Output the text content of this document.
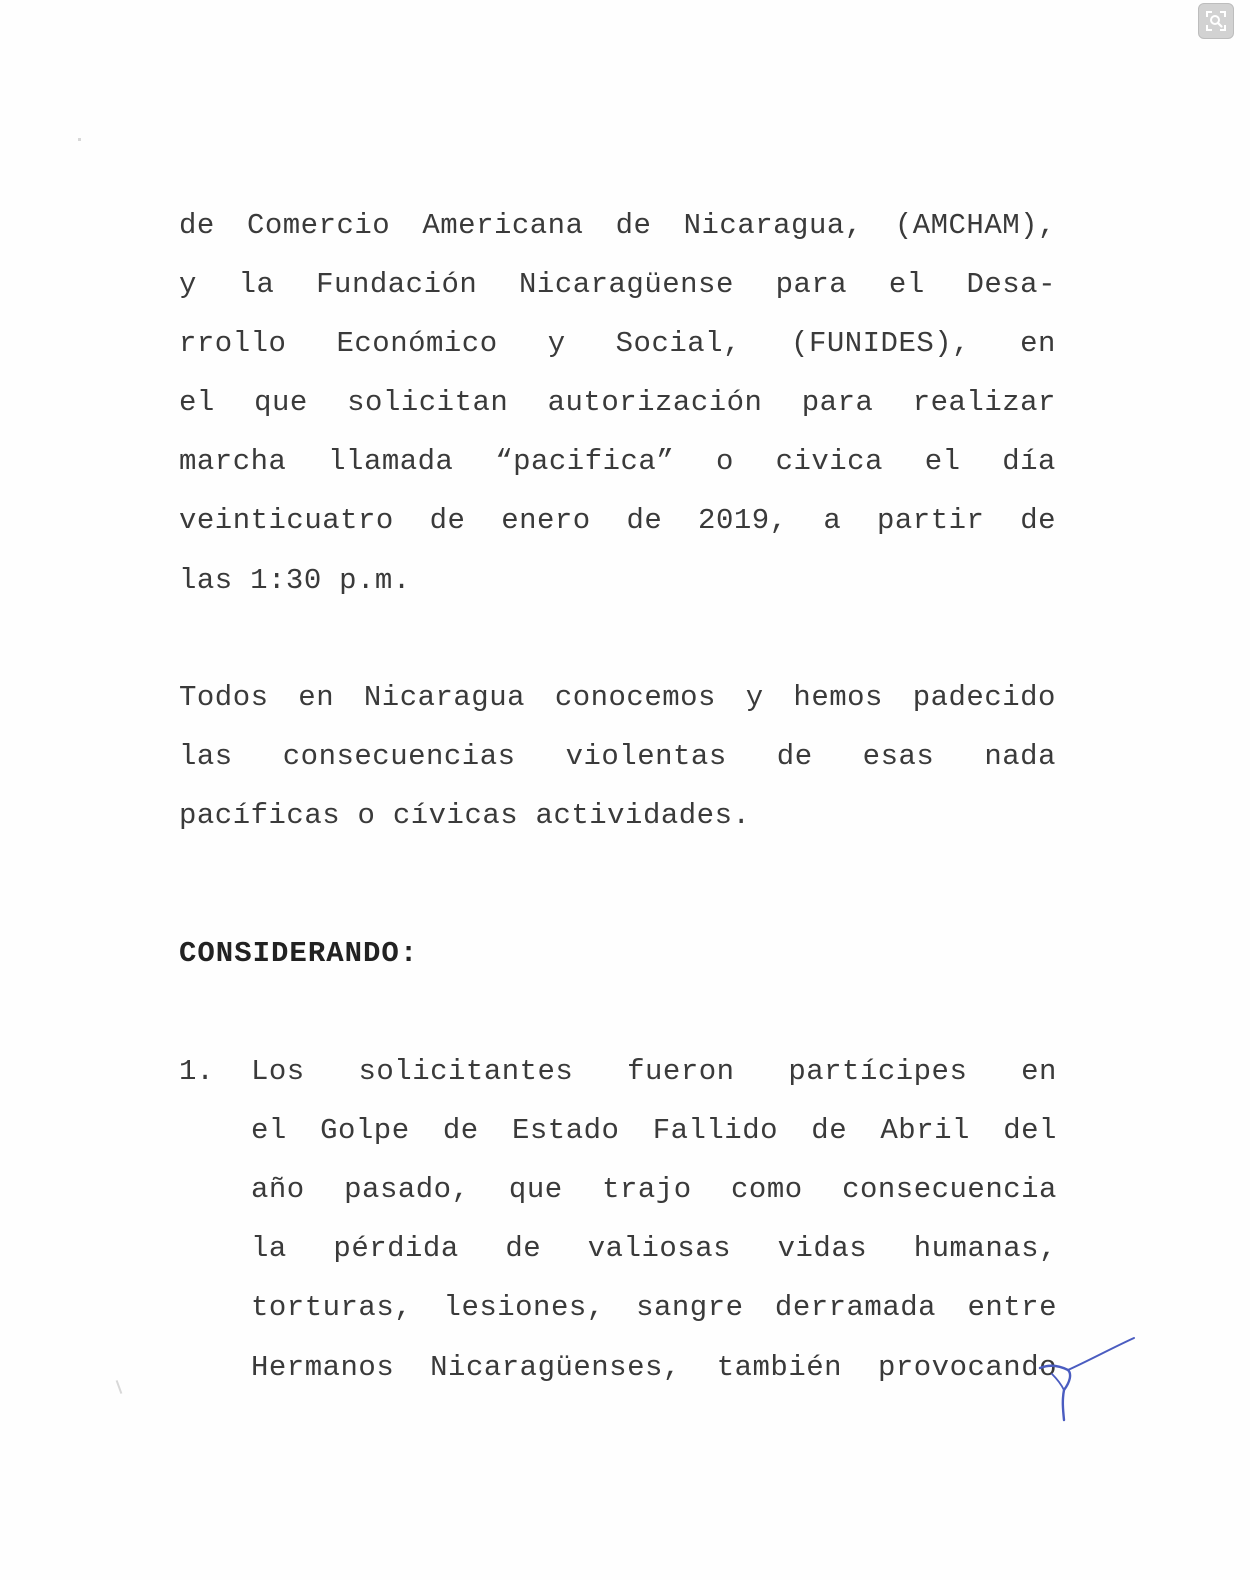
de Comercio Americana de Nicaragua, (AMCHAM),
y la Fundación Nicaragüense para el Desa-
rrollo Económico y Social, (FUNIDES), en
el que solicitan autorización para realizar
marcha llamada “pacifica” o civica el día
veinticuatro de enero de 2019, a partir de
las 1:30 p.m.
Todos en Nicaragua conocemos y hemos padecido
las consecuencias violentas de esas nada
pacíficas o cívicas actividades.
CONSIDERANDO:
1. Los solicitantes fueron partícipes en
el Golpe de Estado Fallido de Abril del
año pasado, que trajo como consecuencia
la pérdida de valiosas vidas humanas,
torturas, lesiones, sangre derramada entre
Hermanos Nicaragüenses, también provocando
